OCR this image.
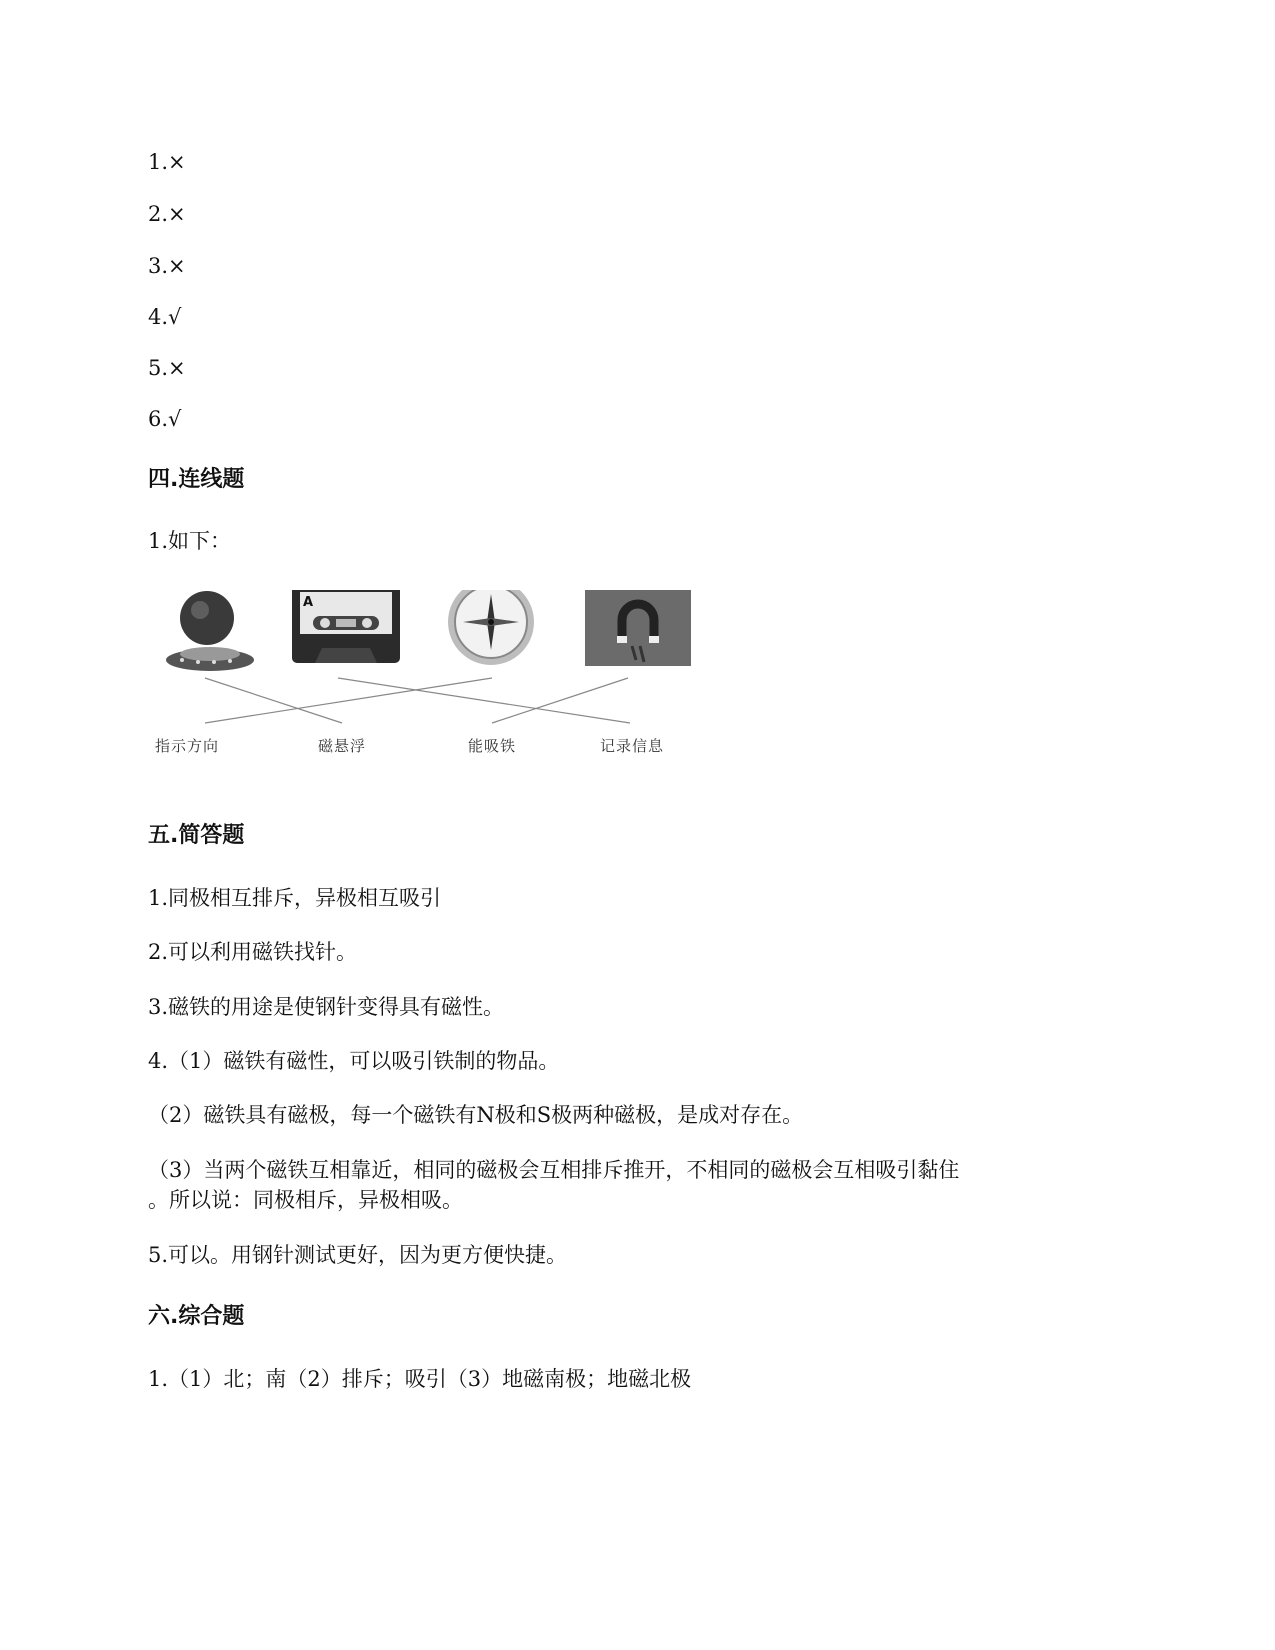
1.×
2.×
3.×
4.√
5.×
6.√
四.连线题
1.如下：
A
指示方向	磁悬浮	能吸铁	记录信息
五.简答题
1.同极相互排斥，异极相互吸引
2.可以利用磁铁找针。
3.磁铁的用途是使钢针变得具有磁性。
4.（1）磁铁有磁性，可以吸引铁制的物品。
（2）磁铁具有磁极，每一个磁铁有N极和S极两种磁极，是成对存在。
（3）当两个磁铁互相靠近，相同的磁极会互相排斥推开，不相同的磁极会互相吸引黏住
。所以说：同极相斥，异极相吸。
5.可以。用钢针测试更好，因为更方便快捷。
六.综合题
1.（1）北；南（2）排斥；吸引（3）地磁南极；地磁北极
